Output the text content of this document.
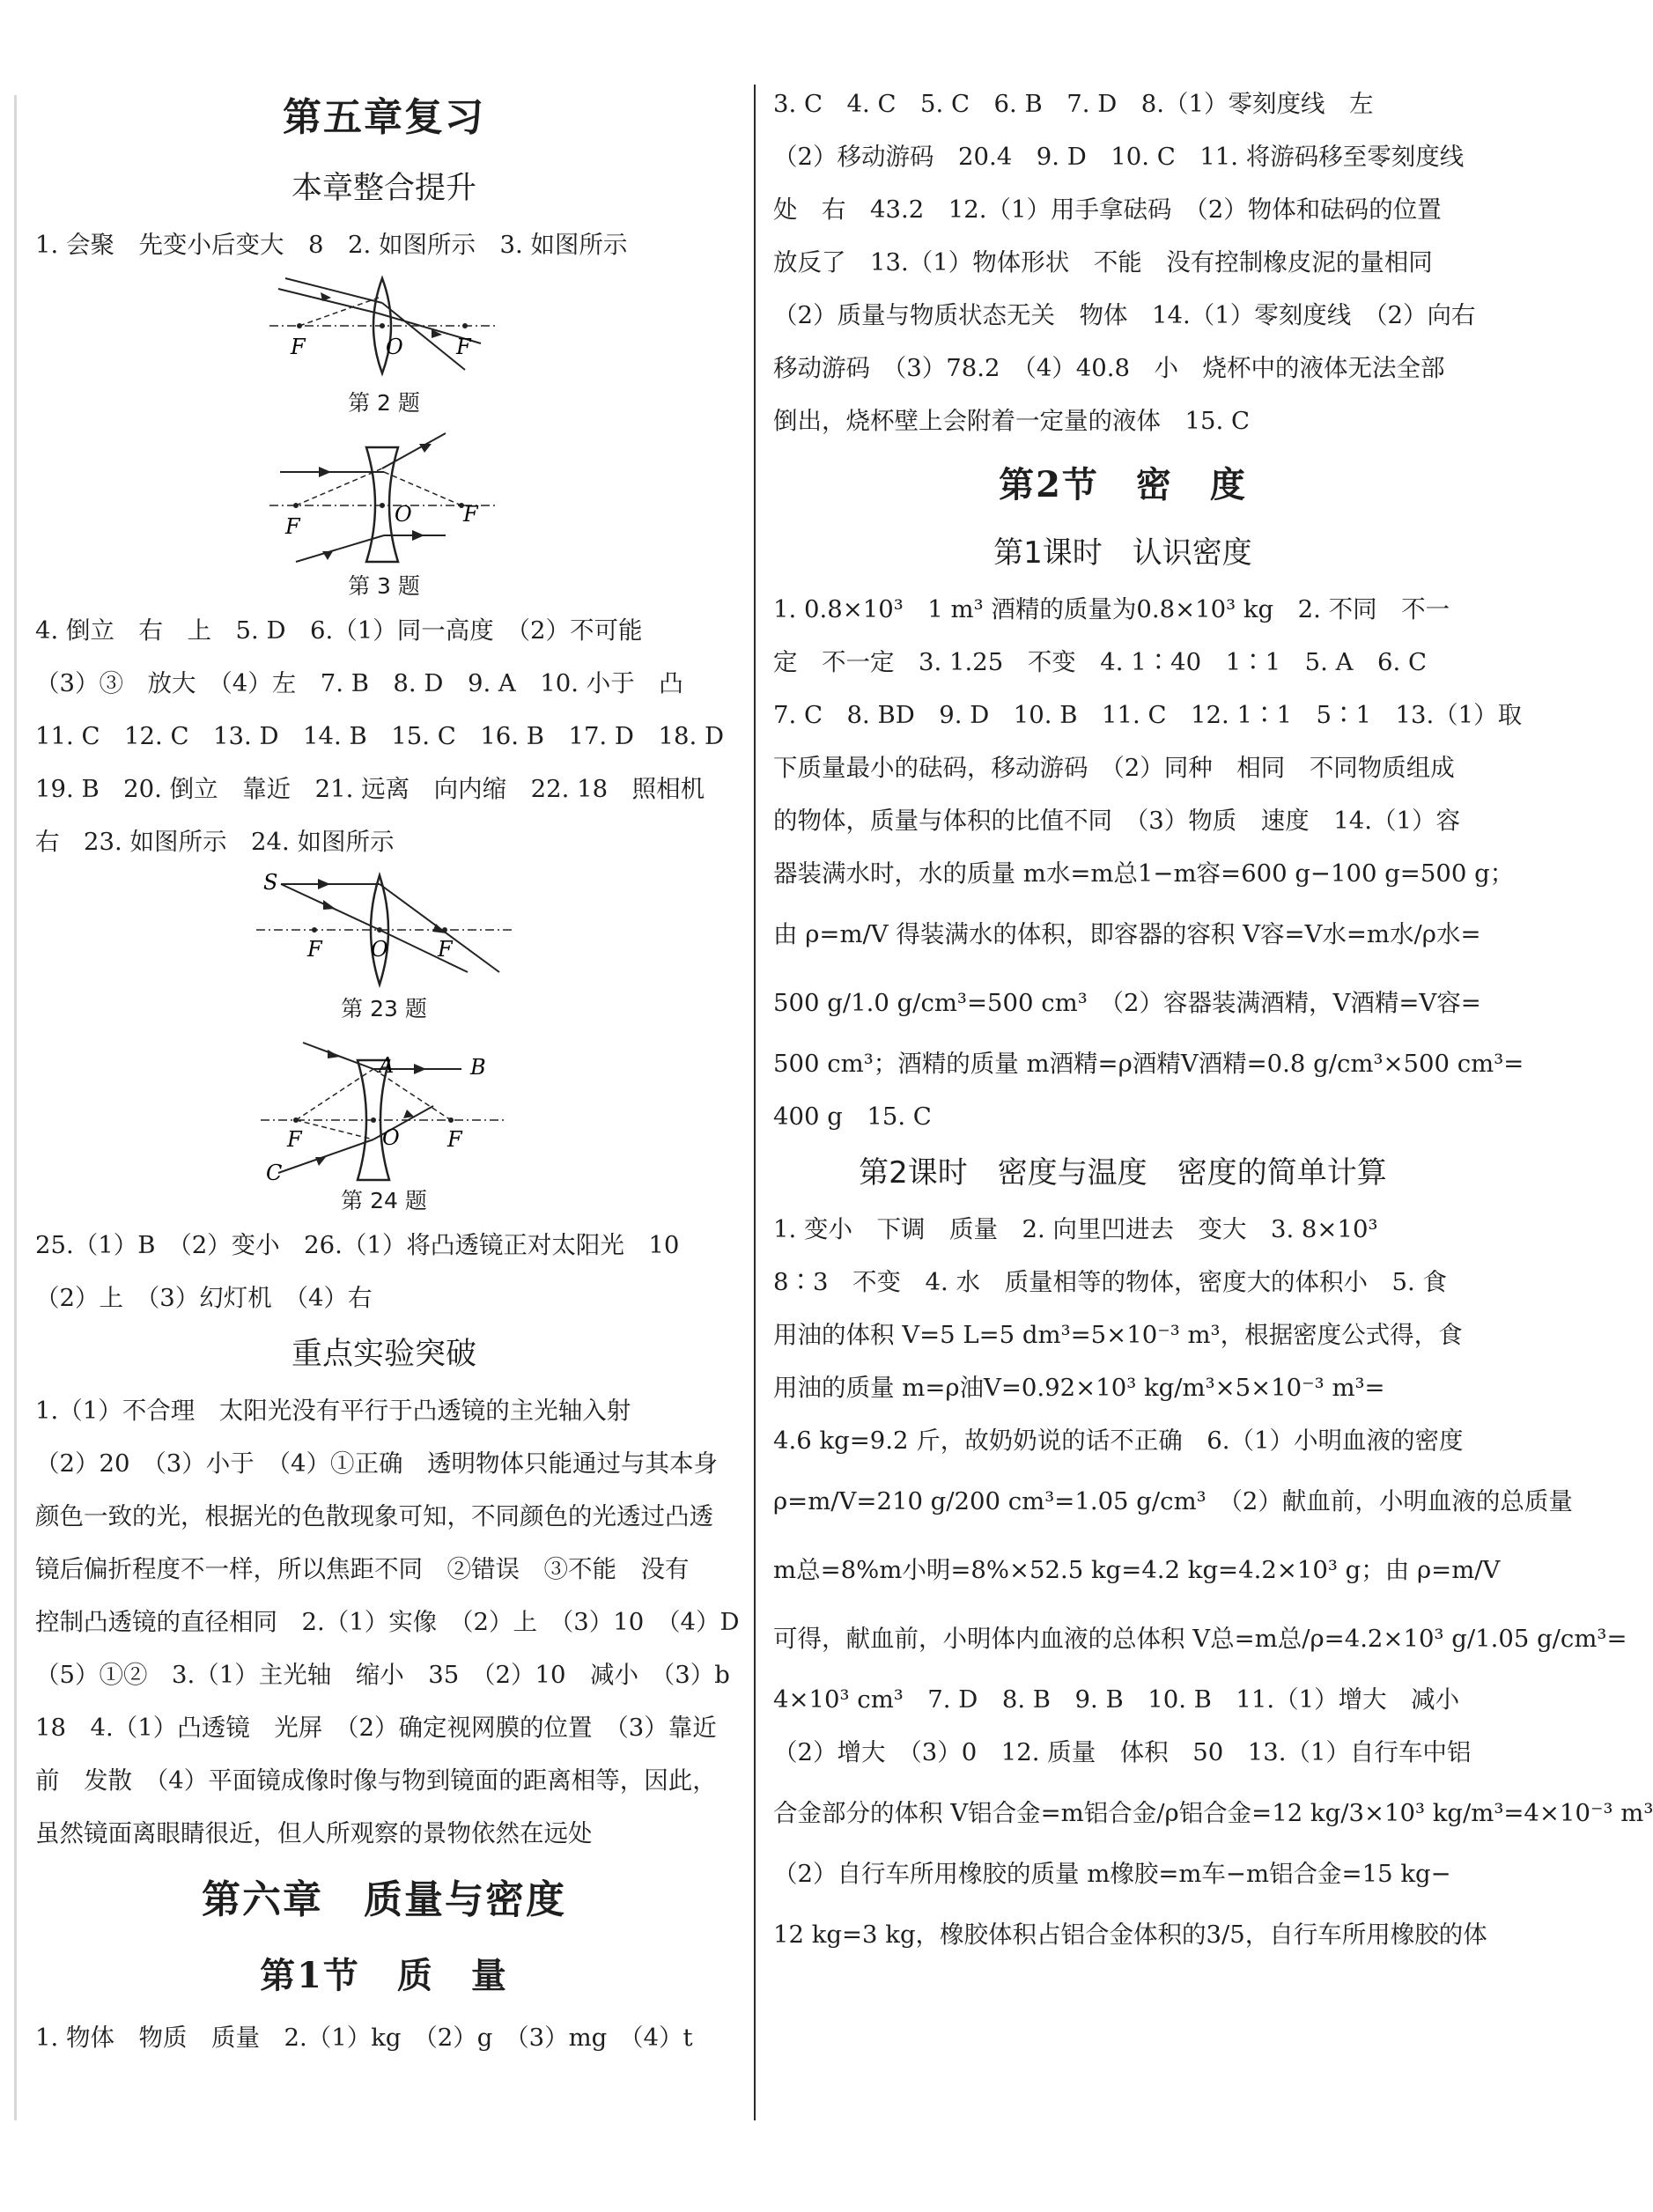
第五章复习
本章整合提升
1. 会聚　先变小后变大　8　2. 如图所示　3. 如图所示
F	O	F
第 2 题
F	O F
第 3 题
4. 倒立　右　上　5. D　6.（1）同一高度　（2）不可能
（3）③　放大　（4）左　7. B　8. D　9. A　10. 小于　凸
11. C　12. C　13. D　14. B　15. C　16. B　17. D　18. D
19. B　20. 倒立　靠近　21. 远离　向内缩　22. 18　照相机
右　23. 如图所示　24. 如图所示
S
F O F
第 23 题
A	B
C
F	O F
第 24 题
25.（1）B　（2）变小　26.（1）将凸透镜正对太阳光　10
（2）上　（3）幻灯机　（4）右
重点实验突破
1.（1）不合理　太阳光没有平行于凸透镜的主光轴入射
（2）20　（3）小于　（4）①正确　透明物体只能通过与其本身
颜色一致的光，根据光的色散现象可知，不同颜色的光透过凸透
镜后偏折程度不一样，所以焦距不同　②错误　③不能　没有
控制凸透镜的直径相同　2.（1）实像　（2）上　（3）10　（4）D
（5）①②　3.（1）主光轴　缩小　35　（2）10　减小　（3）b
18　4.（1）凸透镜　光屏　（2）确定视网膜的位置　（3）靠近
前　发散　（4）平面镜成像时像与物到镜面的距离相等，因此，
虽然镜面离眼睛很近，但人所观察的景物依然在远处
第六章　质量与密度
第1节　质　量
1. 物体　物质　质量　2.（1）kg　（2）g　（3）mg　（4）t
3. C　4. C　5. C　6. B　7. D　8.（1）零刻度线　左
（2）移动游码　20.4　9. D　10. C　11. 将游码移至零刻度线
处　右　43.2　12.（1）用手拿砝码　（2）物体和砝码的位置
放反了　13.（1）物体形状　不能　没有控制橡皮泥的量相同
（2）质量与物质状态无关　物体　14.（1）零刻度线　（2）向右
移动游码　（3）78.2　（4）40.8　小　烧杯中的液体无法全部
倒出，烧杯壁上会附着一定量的液体　15. C
第2节　密　度
第1课时　认识密度
1. 0.8×10³　1 m³ 酒精的质量为0.8×10³ kg　2. 不同　不一
定　不一定　3. 1.25　不变　4. 1∶40　1∶1　5. A　6. C
7. C　8. BD　9. D　10. B　11. C　12. 1∶1　5∶1　13.（1）取
下质量最小的砝码，移动游码　（2）同种　相同　不同物质组成
的物体，质量与体积的比值不同　（3）物质　速度　14.（1）容
器装满水时，水的质量 m水=m总1−m容=600 g−100 g=500 g；
由 ρ=m/V 得装满水的体积，即容器的容积 V容=V水=m水/ρ水=
500 g/1.0 g/cm³=500 cm³　（2）容器装满酒精，V酒精=V容=
500 cm³；酒精的质量 m酒精=ρ酒精V酒精=0.8 g/cm³×500 cm³=
400 g　15. C
第2课时　密度与温度　密度的简单计算
1. 变小　下调　质量　2. 向里凹进去　变大　3. 8×10³
8∶3　不变　4. 水　质量相等的物体，密度大的体积小　5. 食
用油的体积 V=5 L=5 dm³=5×10⁻³ m³，根据密度公式得，食
用油的质量 m=ρ油V=0.92×10³ kg/m³×5×10⁻³ m³=
4.6 kg=9.2 斤，故奶奶说的话不正确　6.（1）小明血液的密度
ρ=m/V=210 g/200 cm³=1.05 g/cm³　（2）献血前，小明血液的总质量
m总=8%m小明=8%×52.5 kg=4.2 kg=4.2×10³ g；由 ρ=m/V
可得，献血前，小明体内血液的总体积 V总=m总/ρ=4.2×10³ g/1.05 g/cm³=
4×10³ cm³　7. D　8. B　9. B　10. B　11.（1）增大　减小
（2）增大　（3）0　12. 质量　体积　50　13.（1）自行车中铝
合金部分的体积 V铝合金=m铝合金/ρ铝合金=12 kg/3×10³ kg/m³=4×10⁻³ m³
（2）自行车所用橡胶的质量 m橡胶=m车−m铝合金=15 kg−
12 kg=3 kg，橡胶体积占铝合金体积的3/5，自行车所用橡胶的体
